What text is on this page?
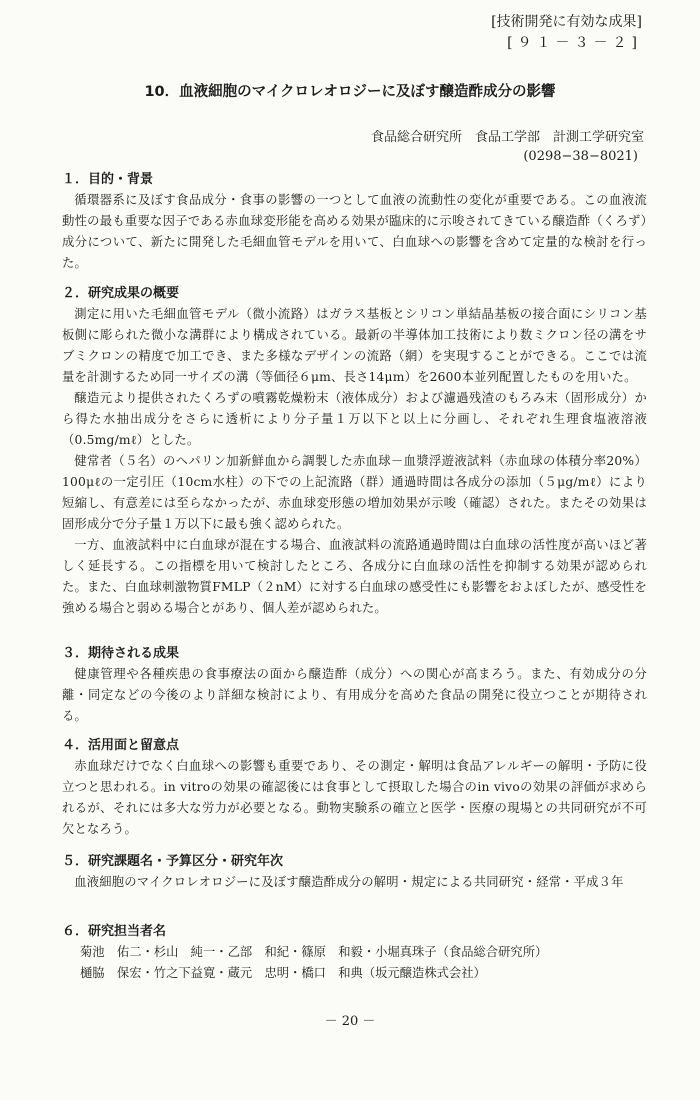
[技術開発に有効な成果]
[９１－３－２]
10．血液細胞のマイクロレオロジーに及ぼす醸造酢成分の影響
食品総合研究所　食品工学部　計測工学研究室
(0298−38−8021)
１．目的・背景

循環器系に及ぼす食品成分・食事の影響の一つとして血液の流動性の変化が重要である。この血液流動性の最も重要な因子である赤血球変形能を高める効果が臨床的に示唆されてきている醸造酢（くろず）成分について、新たに開発した毛細血管モデルを用いて、白血球への影響を含めて定量的な検討を行った。

２．研究成果の概要

測定に用いた毛細血管モデル（微小流路）はガラス基板とシリコン単結晶基板の接合面にシリコン基板側に彫られた微小な溝群により構成されている。最新の半導体加工技術により数ミクロン径の溝をサブミクロンの精度で加工でき、また多様なデザインの流路（網）を実現することができる。ここでは流量を計測するため同一サイズの溝（等価径６μm、長さ14μm）を2600本並列配置したものを用いた。

醸造元より提供されたくろずの噴霧乾燥粉末（液体成分）および濾過残渣のもろみ末（固形成分）から得た水抽出成分をさらに透析により分子量１万以下と以上に分画し、それぞれ生理食塩液溶液（0.5mg/mℓ）とした。

健常者（５名）のヘパリン加新鮮血から調製した赤血球－血漿浮遊液試料（赤血球の体積分率20%）100μℓの一定引圧（10cm水柱）の下での上記流路（群）通過時間は各成分の添加（５μg/mℓ）により短縮し、有意差には至らなかったが、赤血球変形態の増加効果が示唆（確認）された。またその効果は固形成分で分子量１万以下に最も強く認められた。

一方、血液試料中に白血球が混在する場合、血液試料の流路通過時間は白血球の活性度が高いほど著しく延長する。この指標を用いて検討したところ、各成分に白血球の活性を抑制する効果が認められた。また、白血球刺激物質FMLP（２nM）に対する白血球の感受性にも影響をおよぼしたが、感受性を強める場合と弱める場合とがあり、個人差が認められた。

３．期待される成果

健康管理や各種疾患の食事療法の面から醸造酢（成分）への関心が高まろう。また、有効成分の分離・同定などの今後のより詳細な検討により、有用成分を高めた食品の開発に役立つことが期待される。

４．活用面と留意点

赤血球だけでなく白血球への影響も重要であり、その測定・解明は食品アレルギーの解明・予防に役立つと思われる。in vitroの効果の確認後には食事として摂取した場合のin vivoの効果の評価が求められるが、それには多大な労力が必要となる。動物実験系の確立と医学・医療の現場との共同研究が不可欠となろう。

５．研究課題名・予算区分・研究年次

血液細胞のマイクロレオロジーに及ぼす醸造酢成分の解明・規定による共同研究・経常・平成３年

６．研究担当者名
菊池　佑二・杉山　純一・乙部　和紀・篠原　和毅・小堀真珠子（食品総合研究所）
樋脇　保宏・竹之下益寛・蔵元　忠明・橋口　和典（坂元醸造株式会社）
－ 20 －
